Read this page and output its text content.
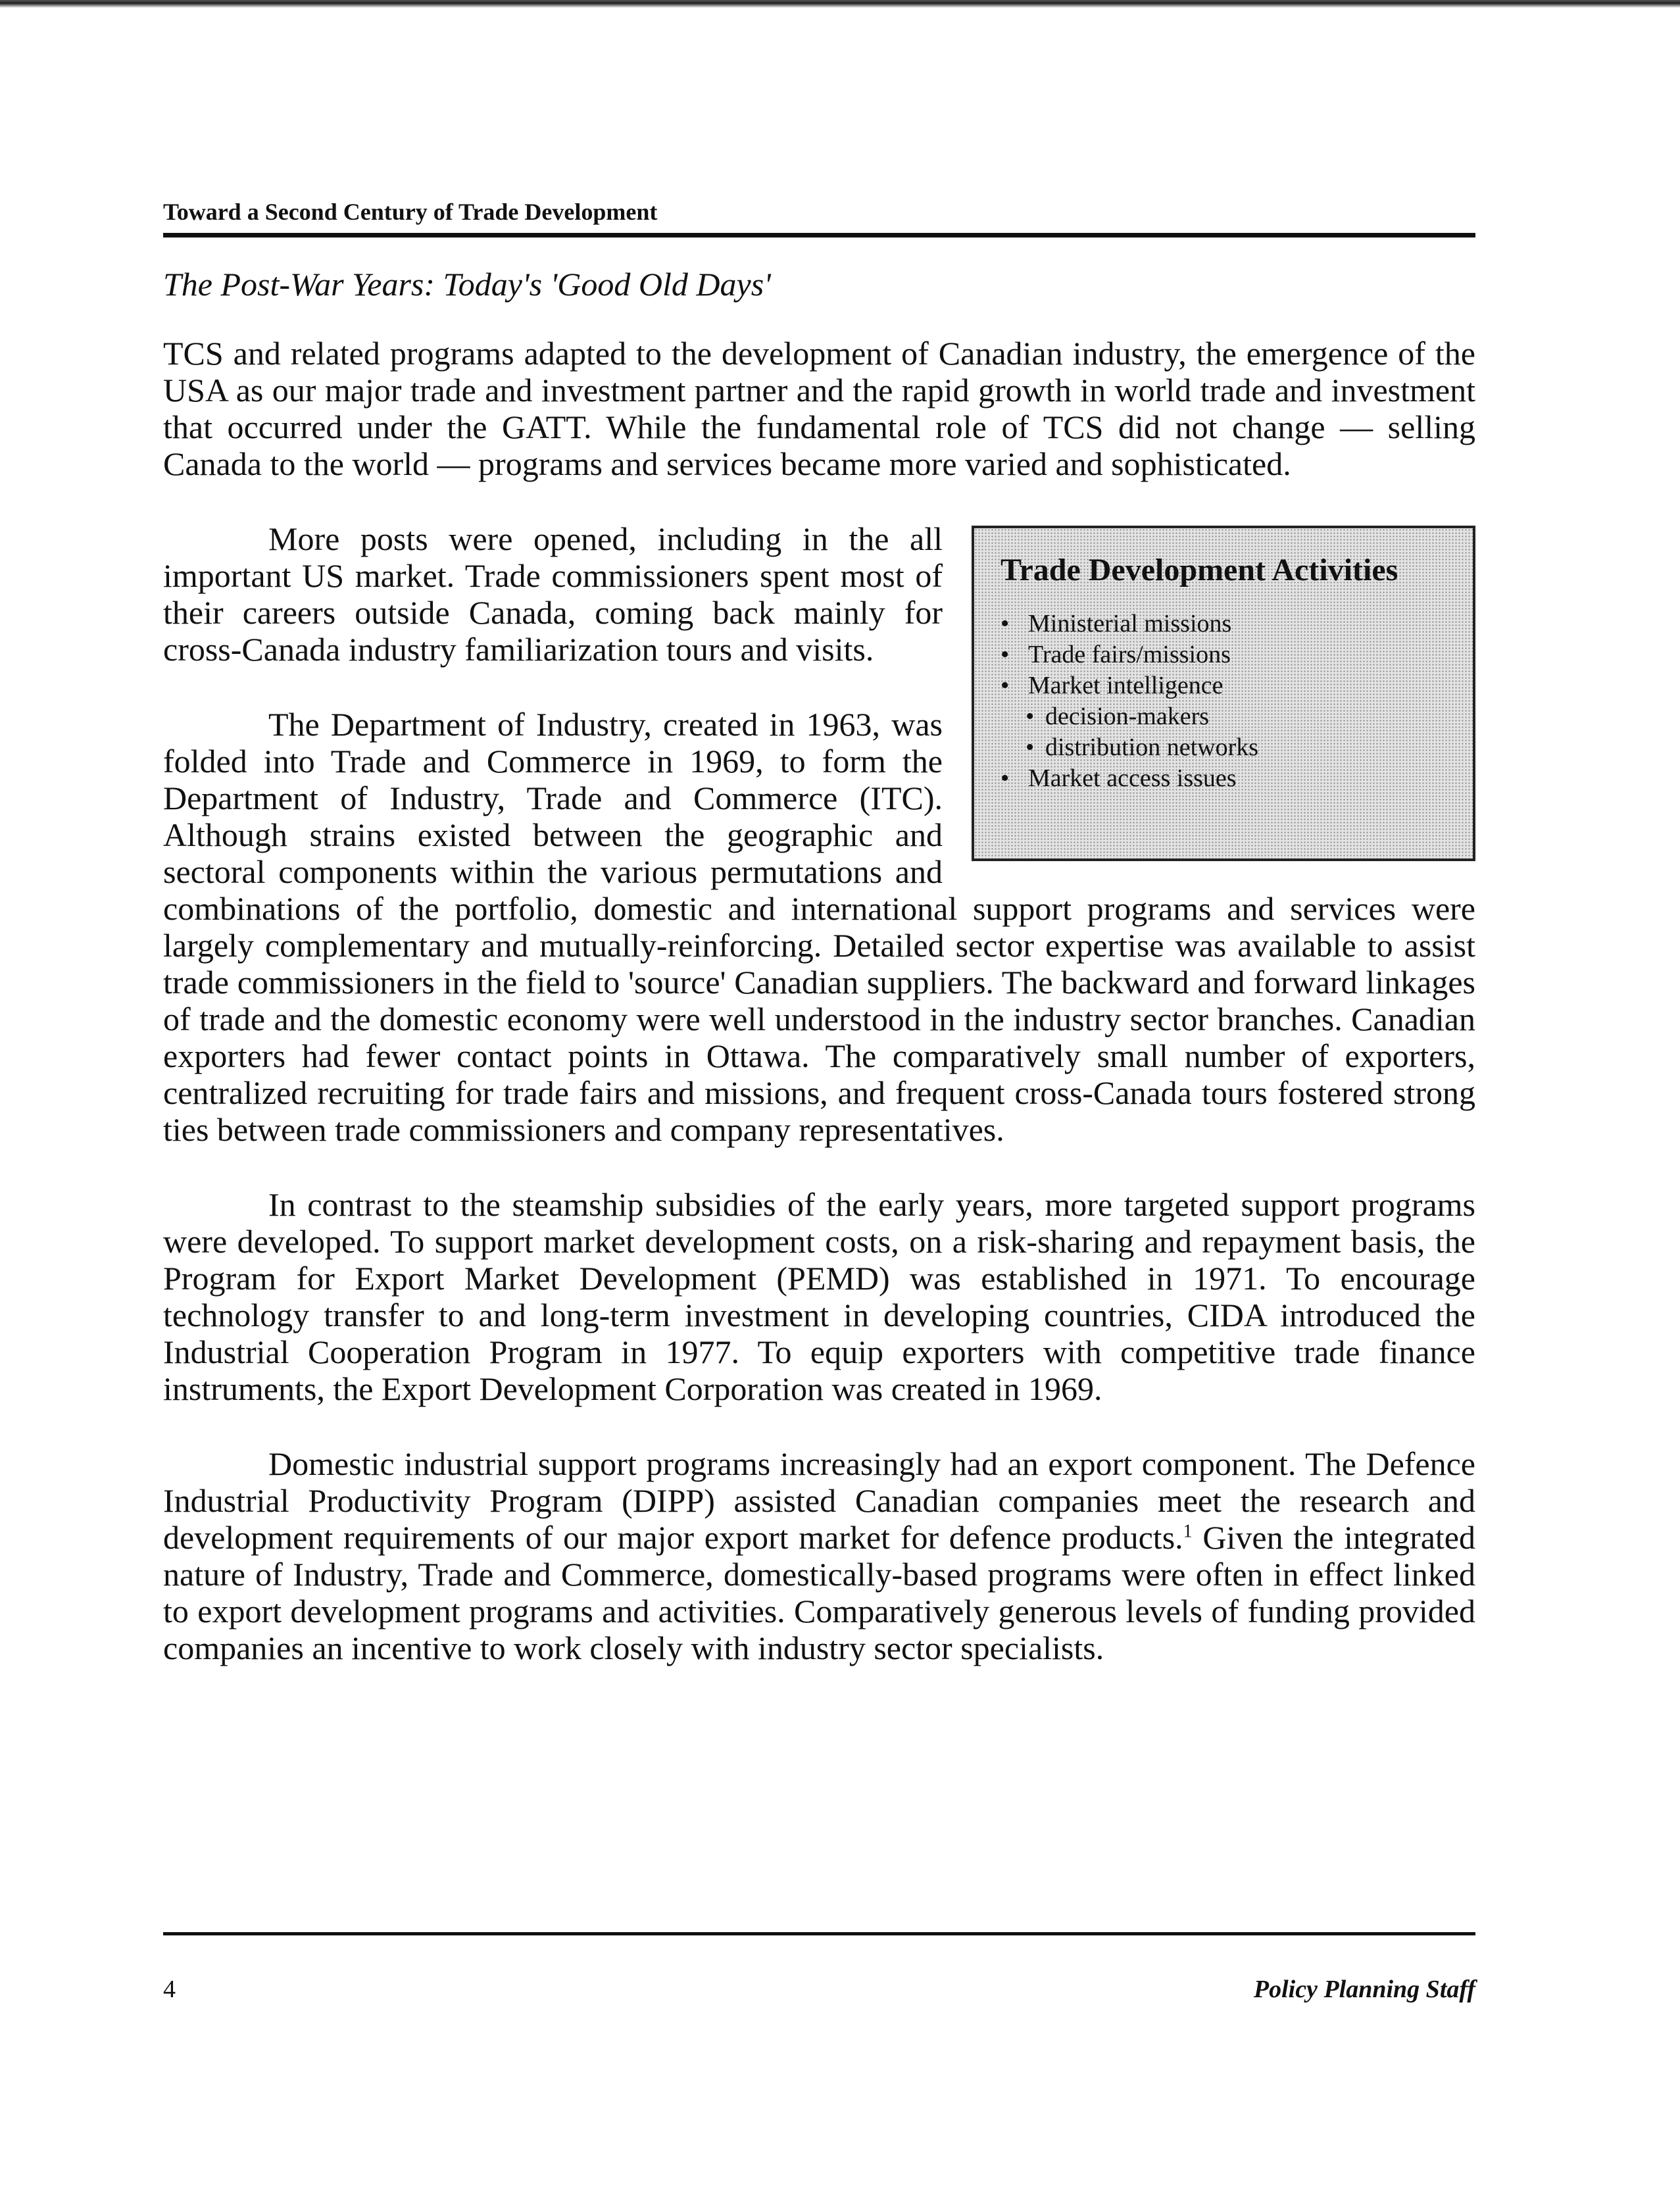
Toward a Second Century of Trade Development
The Post-War Years: Today's 'Good Old Days'

TCS and related programs adapted to the development of Canadian industry, the emergence of the USA as our major trade and investment partner and the rapid growth in world trade and investment that occurred under the GATT. While the fundamental role of TCS did not change — selling Canada to the world — programs and services became more varied and sophisticated.

Trade Development Activities
• Ministerial missions
• Trade fairs/missions
• Market intelligence
• decision-makers
• distribution networks
• Market access issues

More posts were opened, including in the all important US market. Trade commissioners spent most of their careers outside Canada, coming back mainly for cross-Canada industry familiarization tours and visits.

The Department of Industry, created in 1963, was folded into Trade and Commerce in 1969, to form the Department of Industry, Trade and Commerce (ITC). Although strains existed between the geographic and sectoral components within the various permutations and combinations of the portfolio, domestic and international support programs and services were largely complementary and mutually-reinforcing. Detailed sector expertise was available to assist trade commissioners in the field to 'source' Canadian suppliers. The backward and forward linkages of trade and the domestic economy were well understood in the industry sector branches. Canadian exporters had fewer contact points in Ottawa. The comparatively small number of exporters, centralized recruiting for trade fairs and missions, and frequent cross-Canada tours fostered strong ties between trade commissioners and company representatives.

In contrast to the steamship subsidies of the early years, more targeted support programs were developed. To support market development costs, on a risk-sharing and repayment basis, the Program for Export Market Development (PEMD) was established in 1971. To encourage technology transfer to and long-term investment in developing countries, CIDA introduced the Industrial Cooperation Program in 1977. To equip exporters with competitive trade finance instruments, the Export Development Corporation was created in 1969.

Domestic industrial support programs increasingly had an export component. The Defence Industrial Productivity Program (DIPP) assisted Canadian companies meet the research and development requirements of our major export market for defence products.$^1$ Given the integrated nature of Industry, Trade and Commerce, domestically-based programs were often in effect linked to export development programs and activities. Comparatively generous levels of funding provided companies an incentive to work closely with industry sector specialists.

4	Policy Planning Staff
